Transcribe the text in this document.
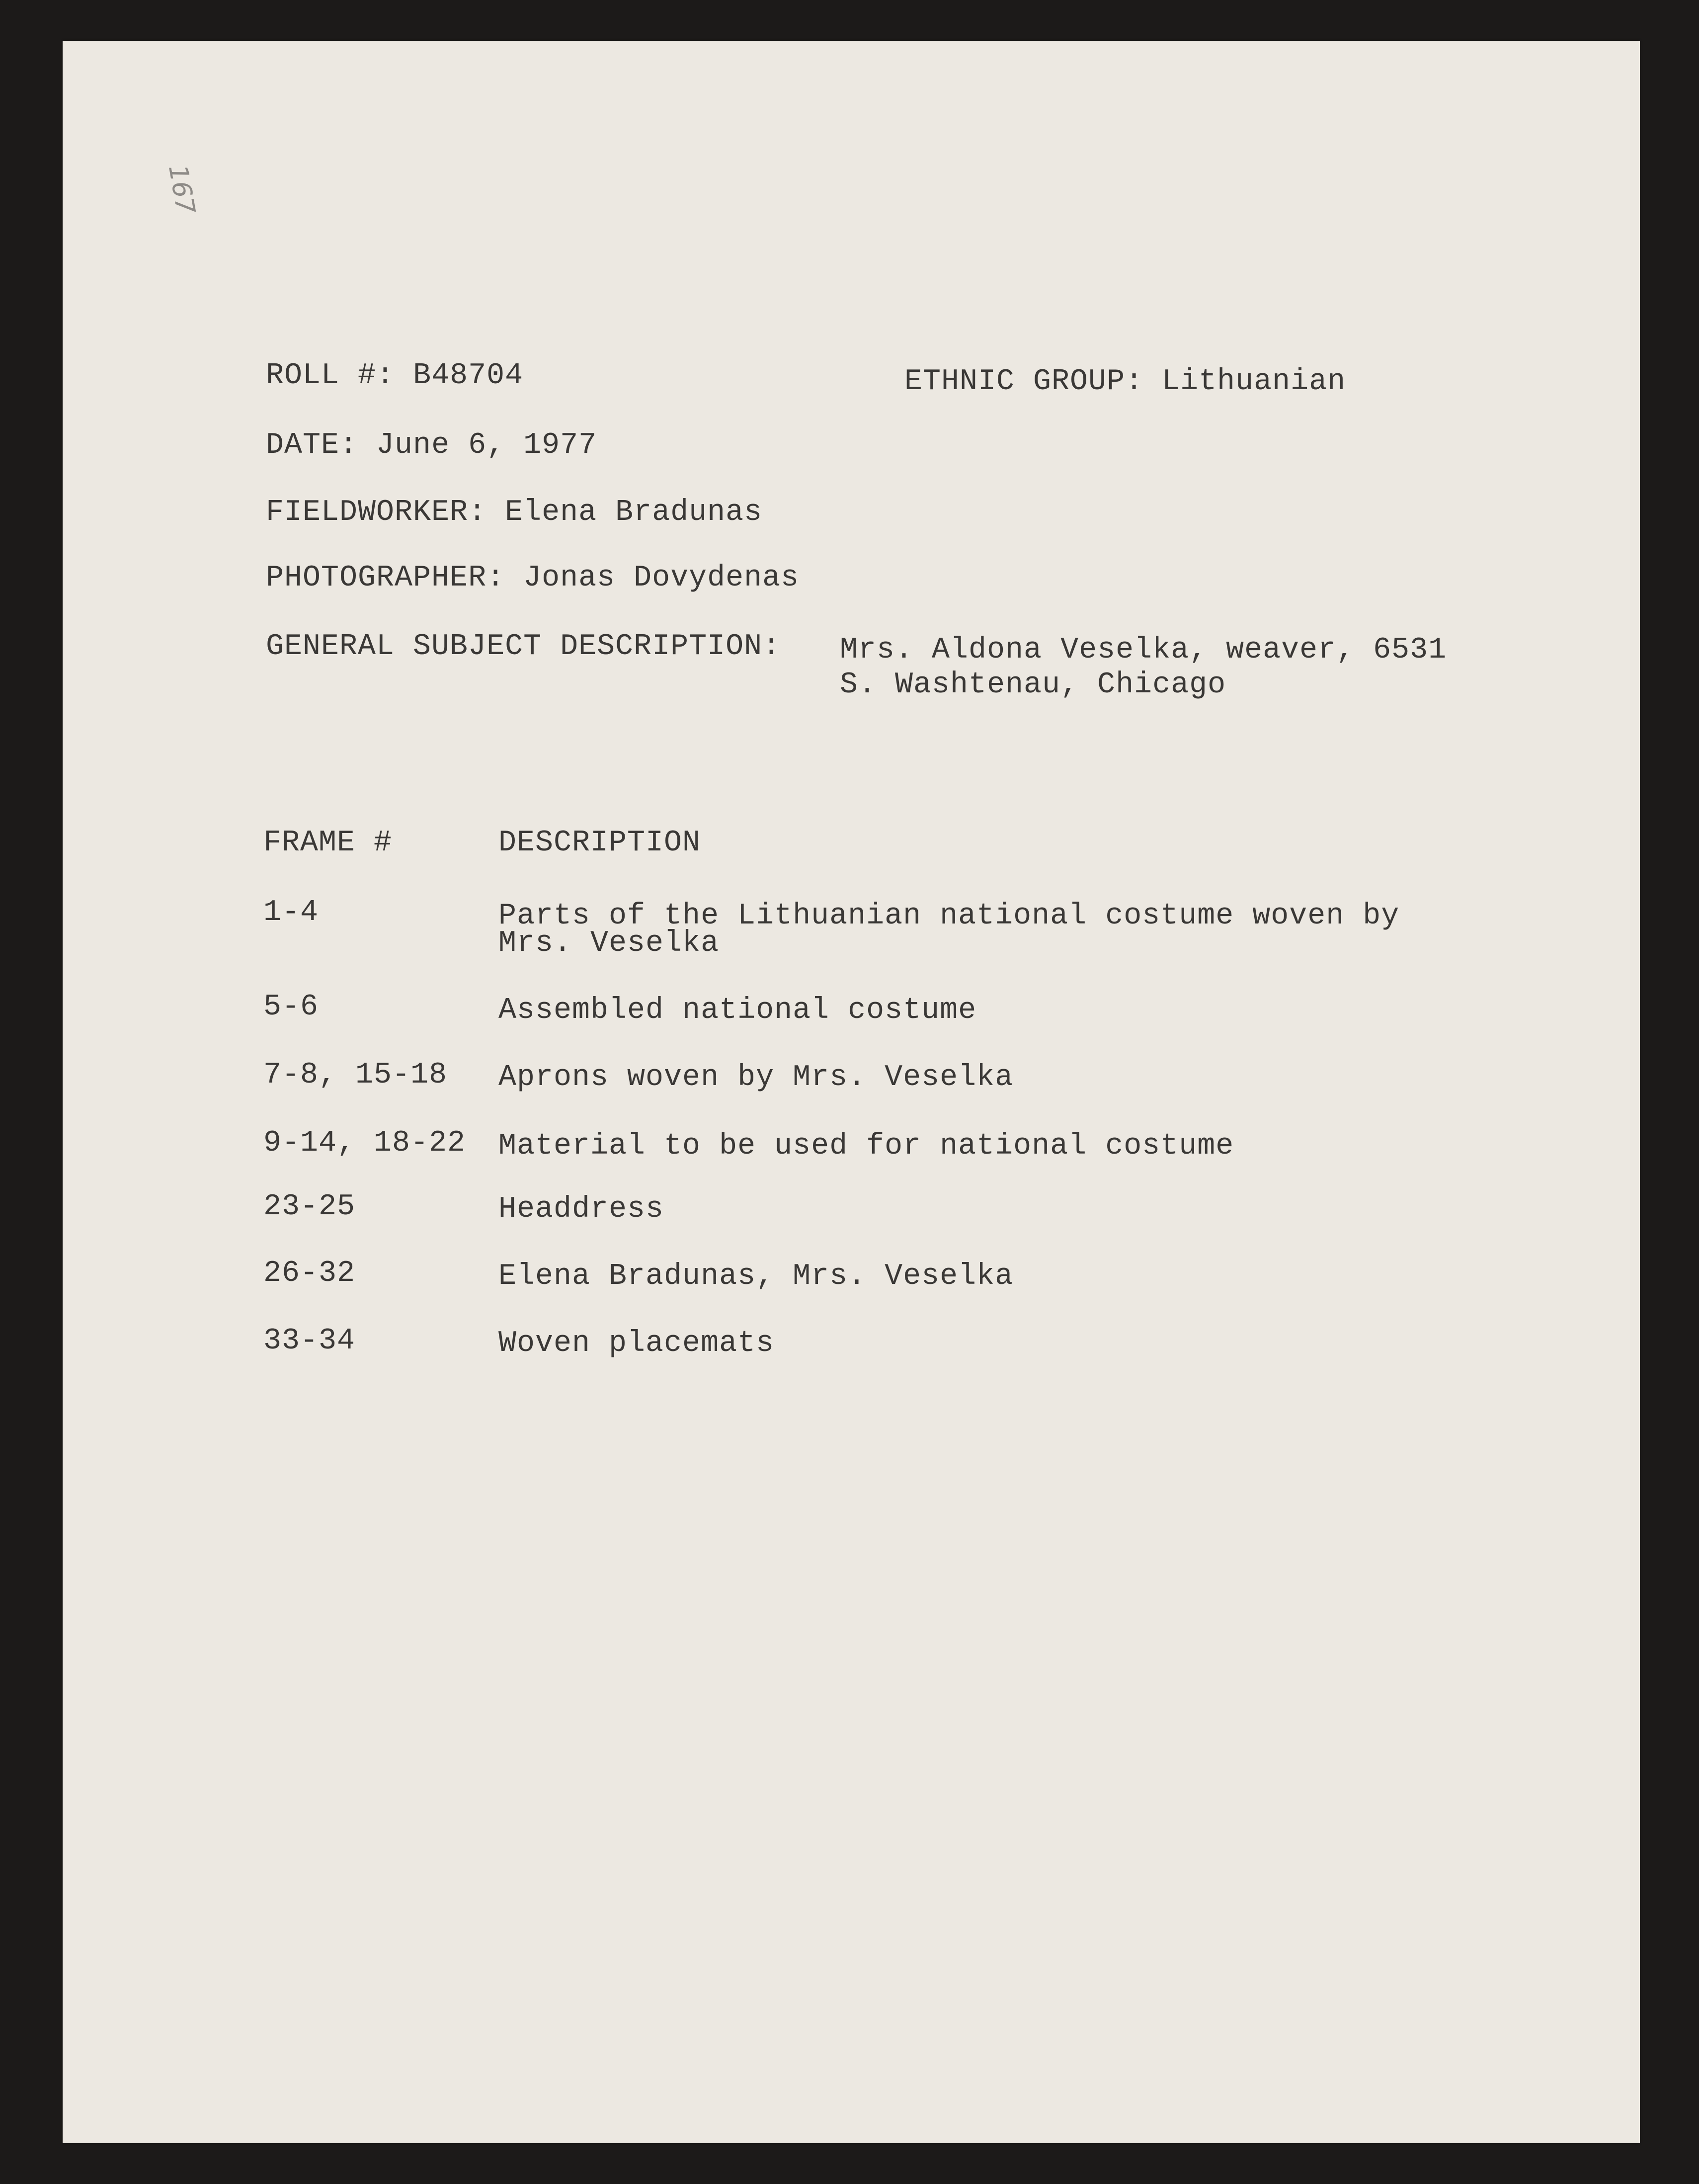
167
ROLL #: B48704	ETHNIC GROUP: Lithuanian
DATE: June 6, 1977
FIELDWORKER: Elena Bradunas
PHOTOGRAPHER: Jonas Dovydenas
GENERAL SUBJECT DESCRIPTION: Mrs. Aldona Veselka, weaver, 6531
S. Washtenau, Chicago
FRAME #	DESCRIPTION
1-4	Parts of the Lithuanian national costume woven by
Mrs. Veselka
5-6	Assembled national costume
7-8, 15-18 Aprons woven by Mrs. Veselka
9-14, 18-22 Material to be used for national costume
23-25	Headdress
26-32	Elena Bradunas, Mrs. Veselka
33-34	Woven placemats
